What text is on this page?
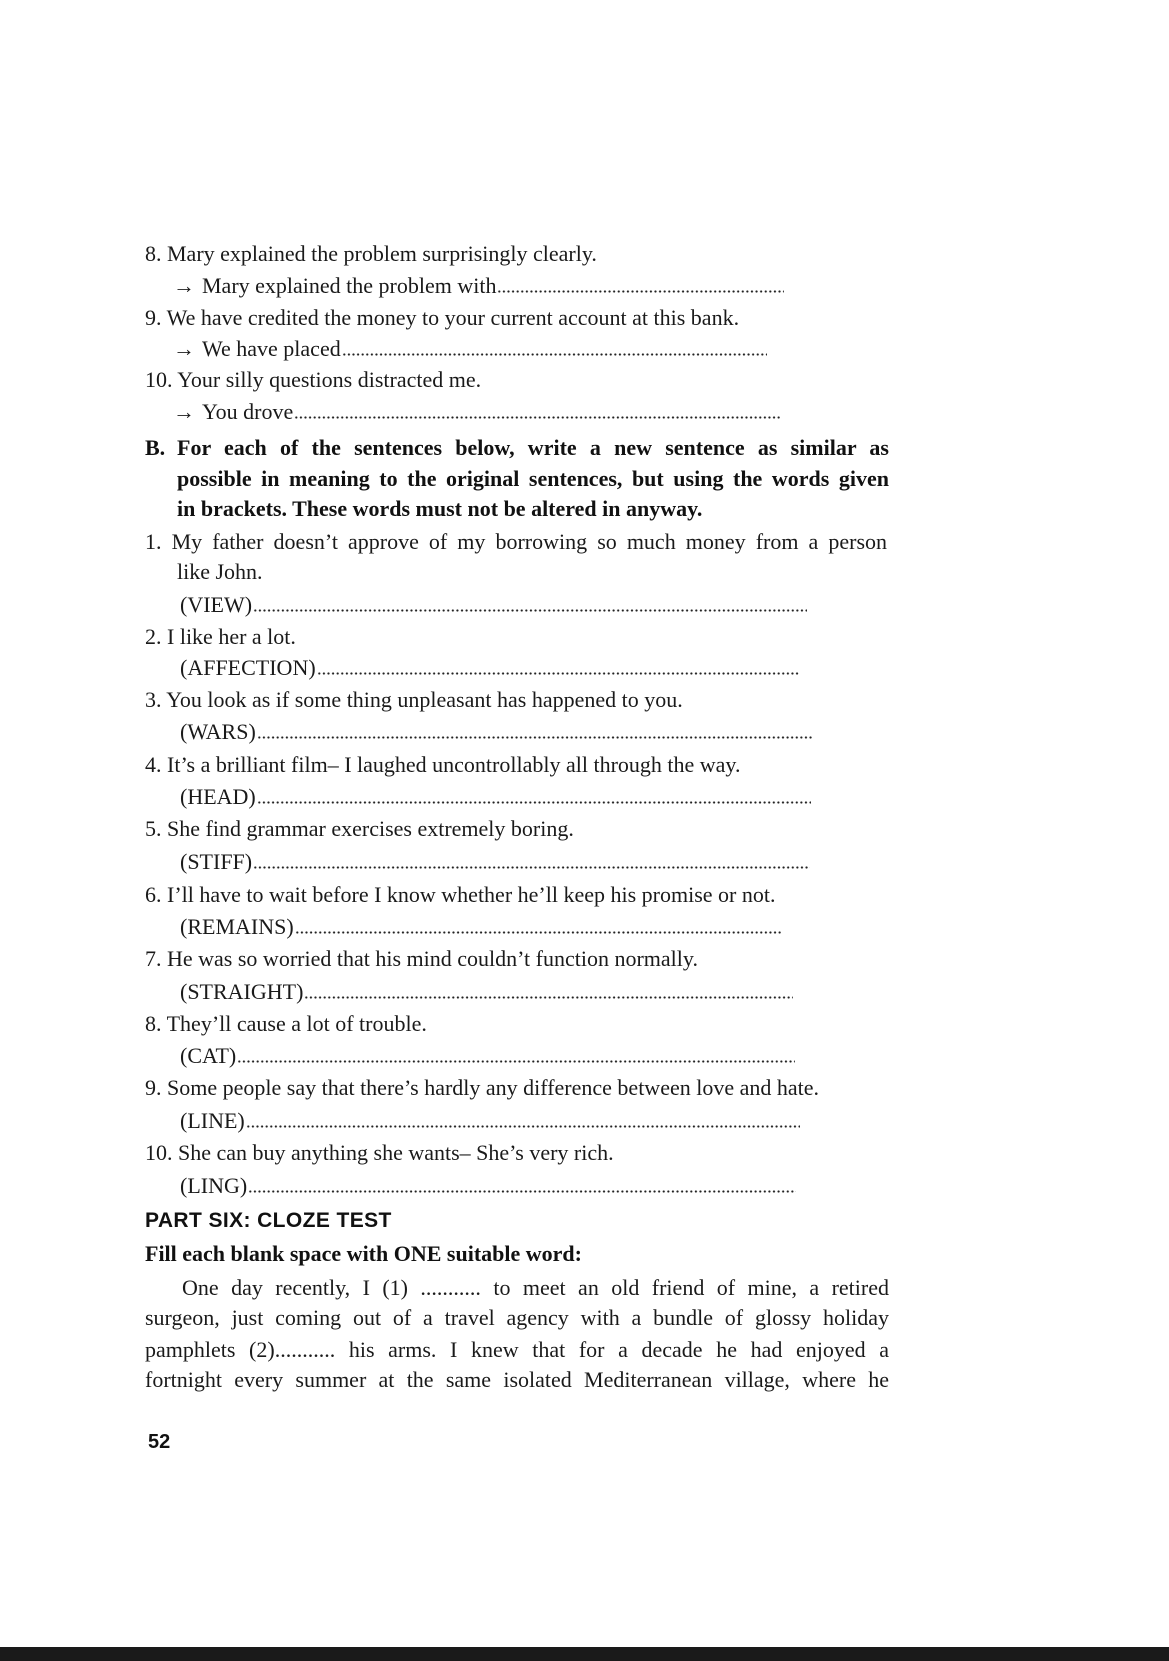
8. Mary explained the problem surprisingly clearly.
→ Mary explained the problem with
9. We have credited the money to your current account at this bank.
→ We have placed
10. Your silly questions distracted me.
→ You drove
B. For each of the sentences below, write a new sentence as similar as
possible in meaning to the original sentences, but using the words given
in brackets. These words must not be altered in anyway.
1. My father doesn’t approve of my borrowing so much money from a person
like John.
(VIEW)
2. I like her a lot.
(AFFECTION)
3. You look as if some thing unpleasant has happened to you.
(WARS)
4. It’s a brilliant film– I laughed uncontrollably all through the way.
(HEAD)
5. She find grammar exercises extremely boring.
(STIFF)
6. I’ll have to wait before I know whether he’ll keep his promise or not.
(REMAINS)
7. He was so worried that his mind couldn’t function normally.
(STRAIGHT)
8. They’ll cause a lot of trouble.
(CAT)
9. Some people say that there’s hardly any difference between love and hate.
(LINE)
10. She can buy anything she wants– She’s very rich.
(LING)
PART SIX: CLOZE TEST
Fill each blank space with ONE suitable word:
One day recently, I (1) ........... to meet an old friend of mine, a retired
surgeon, just coming out of a travel agency with a bundle of glossy holiday
pamphlets (2)........... his arms. I knew that for a decade he had enjoyed a
fortnight every summer at the same isolated Mediterranean village, where he
52
